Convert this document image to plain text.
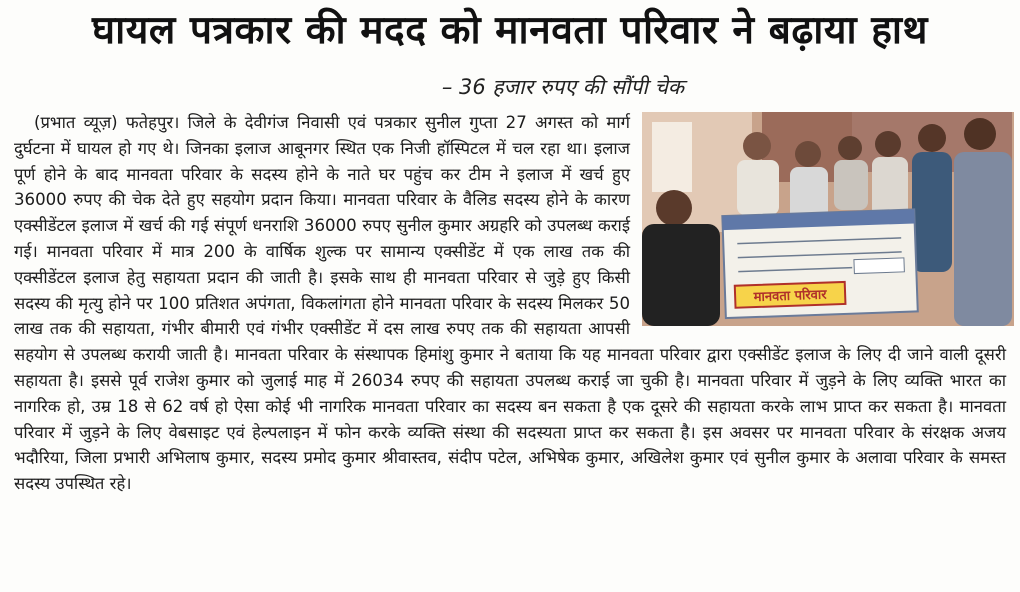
घायल पत्रकार की मदद को मानवता परिवार ने बढ़ाया हाथ
– 36 हजार रुपए की सौंपी चेक
मानवता परिवार
(प्रभात व्यूज़) फतेहपुर। जिले के देवीगंज निवासी एवं पत्रकार सुनील गुप्ता 27 अगस्त को मार्ग दुर्घटना में घायल हो गए थे। जिनका इलाज आबूनगर स्थित एक निजी हॉस्पिटल में चल रहा था। इलाज पूर्ण होने के बाद मानवता परिवार के सदस्य होने के नाते घर पहुंच कर टीम ने इलाज में खर्च हुए 36000 रुपए की चेक देते हुए सहयोग प्रदान किया। मानवता परिवार के वैलिड सदस्य होने के कारण एक्सीडेंटल इलाज में खर्च की गई संपूर्ण धनराशि 36000 रुपए सुनील कुमार अग्रहरि को उपलब्ध कराई गई। मानवता परिवार में मात्र 200 के वार्षिक शुल्क पर सामान्य एक्सीडेंट में एक लाख तक की एक्सीडेंटल इलाज हेतु सहायता प्रदान की जाती है। इसके साथ ही मानवता परिवार से जुड़े हुए किसी सदस्य की मृत्यु होने पर 100 प्रतिशत अपंगता, विकलांगता होने मानवता परिवार के सदस्य मिलकर 50 लाख तक की सहायता, गंभीर बीमारी एवं गंभीर एक्सीडेंट में दस लाख रुपए तक की सहायता आपसी सहयोग से उपलब्ध करायी जाती है। मानवता परिवार के संस्थापक हिमांशु कुमार ने बताया कि यह मानवता परिवार द्वारा एक्सीडेंट इलाज के लिए दी जाने वाली दूसरी सहायता है। इससे पूर्व राजेश कुमार को जुलाई माह में 26034 रुपए की सहायता उपलब्ध कराई जा चुकी है। मानवता परिवार में जुड़ने के लिए व्यक्ति भारत का नागरिक हो, उम्र 18 से 62 वर्ष हो ऐसा कोई भी नागरिक मानवता परिवार का सदस्य बन सकता है एक दूसरे की सहायता करके लाभ प्राप्त कर सकता है। मानवता परिवार में जुड़ने के लिए वेबसाइट एवं हेल्पलाइन में फोन करके व्यक्ति संस्था की सदस्यता प्राप्त कर सकता है। इस अवसर पर मानवता परिवार के संरक्षक अजय भदौरिया, जिला प्रभारी अभिलाष कुमार, सदस्य प्रमोद कुमार श्रीवास्तव, संदीप पटेल, अभिषेक कुमार, अखिलेश कुमार एवं सुनील कुमार के अलावा परिवार के समस्त सदस्य उपस्थित रहे।
